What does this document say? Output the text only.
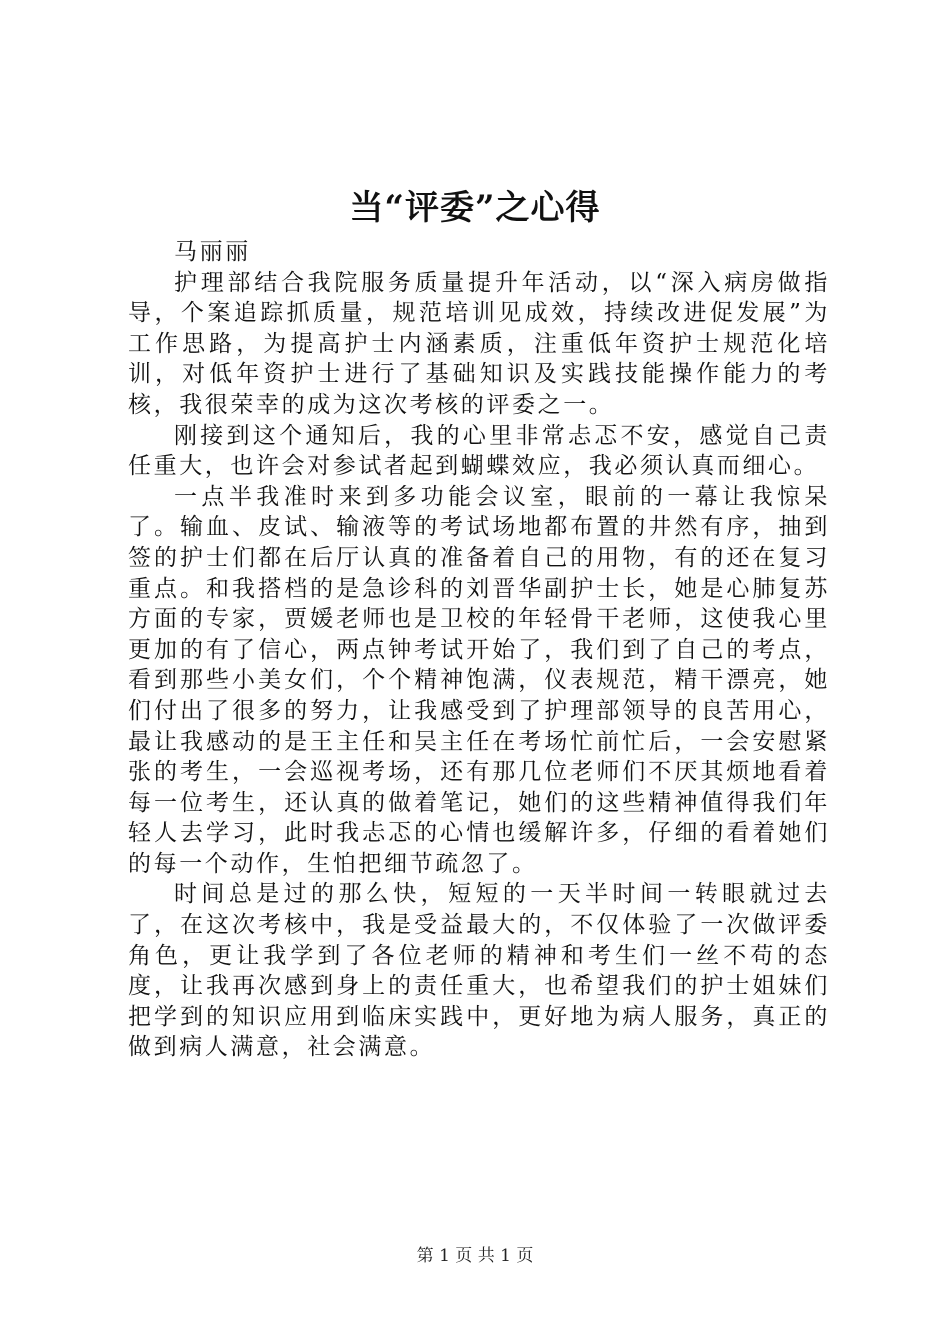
当“评委”之心得

马丽丽

护理部结合我院服务质量提升年活动，以“深入病房做指导，个案追踪抓质量，规范培训见成效，持续改进促发展”为工作思路，为提高护士内涵素质，注重低年资护士规范化培训，对低年资护士进行了基础知识及实践技能操作能力的考核，我很荣幸的成为这次考核的评委之一。

刚接到这个通知后，我的心里非常忐忑不安，感觉自己责任重大，也许会对参试者起到蝴蝶效应，我必须认真而细心。

一点半我准时来到多功能会议室，眼前的一幕让我惊呆了。输血、皮试、输液等的考试场地都布置的井然有序，抽到签的护士们都在后厅认真的准备着自己的用物，有的还在复习重点。和我搭档的是急诊科的刘晋华副护士长，她是心肺复苏方面的专家，贾媛老师也是卫校的年轻骨干老师，这使我心里更加的有了信心，两点钟考试开始了，我们到了自己的考点，看到那些小美女们，个个精神饱满，仪表规范，精干漂亮，她们付出了很多的努力，让我感受到了护理部领导的良苦用心，最让我感动的是王主任和吴主任在考场忙前忙后，一会安慰紧张的考生，一会巡视考场，还有那几位老师们不厌其烦地看着每一位考生，还认真的做着笔记，她们的这些精神值得我们年轻人去学习，此时我忐忑的心情也缓解许多，仔细的看着她们的每一个动作，生怕把细节疏忽了。

时间总是过的那么快，短短的一天半时间一转眼就过去了，在这次考核中，我是受益最大的，不仅体验了一次做评委角色，更让我学到了各位老师的精神和考生们一丝不苟的态度，让我再次感到身上的责任重大，也希望我们的护士姐妹们把学到的知识应用到临床实践中，更好地为病人服务，真正的做到病人满意，社会满意。

第 1 页 共 1 页
